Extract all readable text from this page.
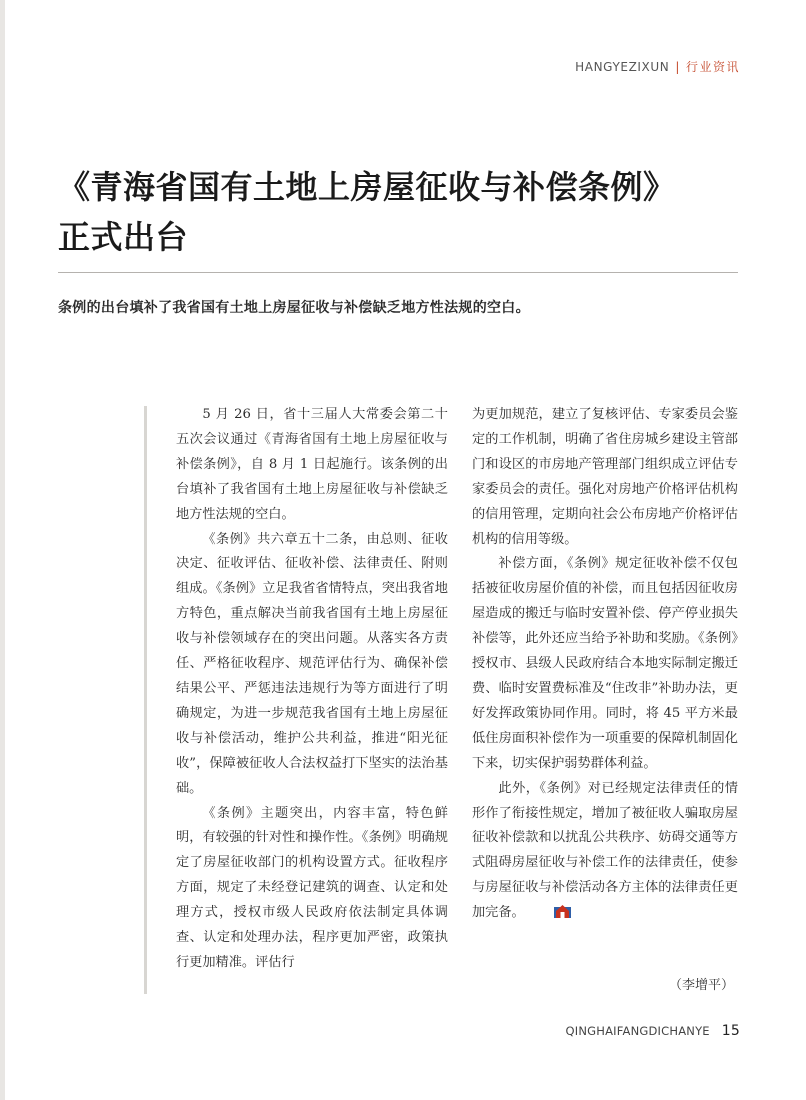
HANGYEZIXUN | 行业资讯
《青海省国有土地上房屋征收与补偿条例》
正式出台
条例的出台填补了我省国有土地上房屋征收与补偿缺乏地方性法规的空白。

5 月 26 日，省十三届人大常委会第二十五次会议通过《青海省国有土地上房屋征收与补偿条例》，自 8 月 1 日起施行。该条例的出台填补了我省国有土地上房屋征收与补偿缺乏地方性法规的空白。

《条例》共六章五十二条，由总则、征收决定、征收评估、征收补偿、法律责任、附则组成。《条例》立足我省省情特点，突出我省地方特色，重点解决当前我省国有土地上房屋征收与补偿领域存在的突出问题。从落实各方责任、严格征收程序、规范评估行为、确保补偿结果公平、严惩违法违规行为等方面进行了明确规定，为进一步规范我省国有土地上房屋征收与补偿活动，维护公共利益，推进“阳光征收”，保障被征收人合法权益打下坚实的法治基础。

《条例》主题突出，内容丰富，特色鲜明，有较强的针对性和操作性。《条例》明确规定了房屋征收部门的机构设置方式。征收程序方面，规定了未经登记建筑的调查、认定和处理方式，授权市级人民政府依法制定具体调查、认定和处理办法，程序更加严密，政策执行更加精准。评估行

为更加规范，建立了复核评估、专家委员会鉴定的工作机制，明确了省住房城乡建设主管部门和设区的市房地产管理部门组织成立评估专家委员会的责任。强化对房地产价格评估机构的信用管理，定期向社会公布房地产价格评估机构的信用等级。

补偿方面，《条例》规定征收补偿不仅包括被征收房屋价值的补偿，而且包括因征收房屋造成的搬迁与临时安置补偿、停产停业损失补偿等，此外还应当给予补助和奖励。《条例》授权市、县级人民政府结合本地实际制定搬迁费、临时安置费标准及“住改非”补助办法，更好发挥政策协同作用。同时，将 45 平方米最低住房面积补偿作为一项重要的保障机制固化下来，切实保护弱势群体利益。

此外，《条例》对已经规定法律责任的情形作了衔接性规定，增加了被征收人骗取房屋征收补偿款和以扰乱公共秩序、妨碍交通等方式阻碍房屋征收与补偿工作的法律责任，使参与房屋征收与补偿活动各方主体的法律责任更加完备。

（李增平）
QINGHAIFANGDICHANYE 15
